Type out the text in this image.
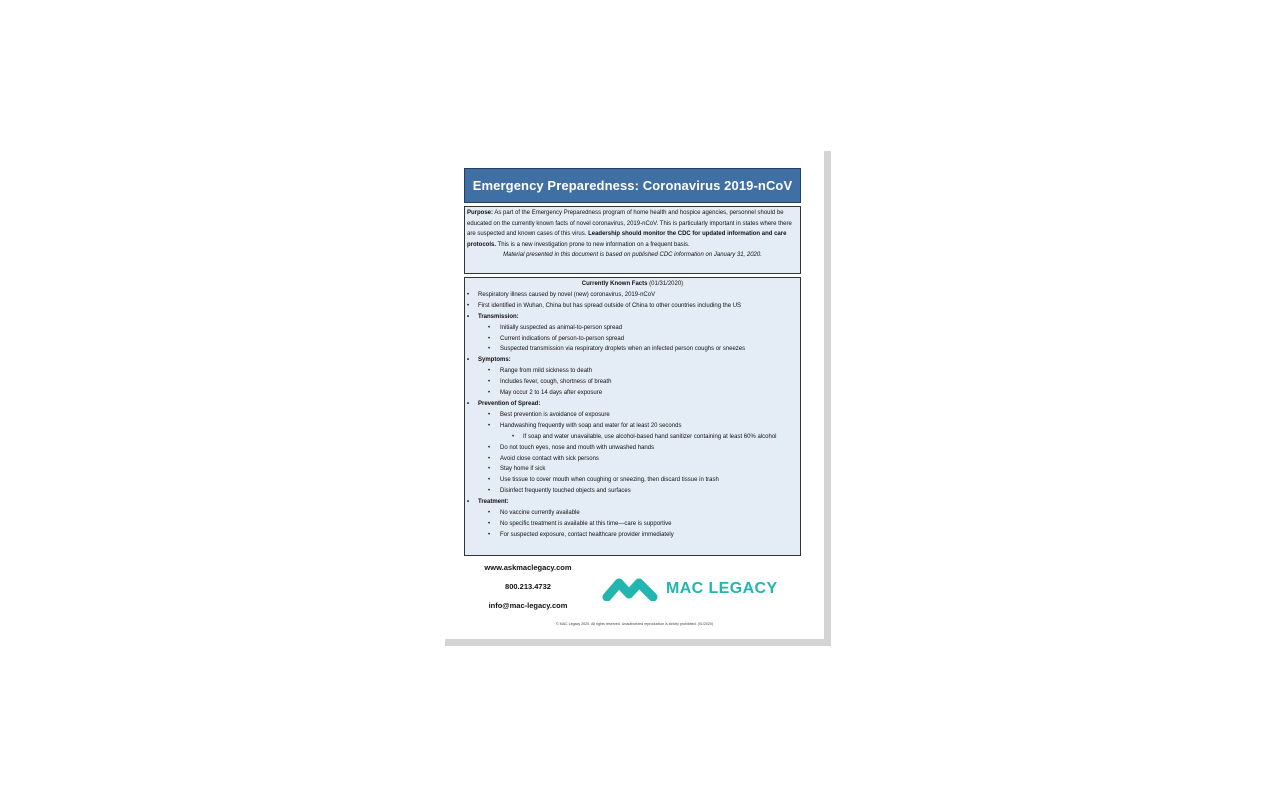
Emergency Preparedness: Coronavirus 2019-nCoV
Purpose: As part of the Emergency Preparedness program of home health and hospice agencies, personnel should be educated on the currently known facts of novel coronavirus, 2019-nCoV. This is particularly important in states where there are suspected and known cases of this virus. Leadership should monitor the CDC for updated information and care protocols. This is a new investigation prone to new information on a frequent basis.
Material presented in this document is based on published CDC information on January 31, 2020.
Currently Known Facts (01/31/2020)
• Respiratory illness caused by novel (new) coronavirus, 2019-nCoV
• First identified in Wuhan, China but has spread outside of China to other countries including the US
• Transmission:
• Initially suspected as animal-to-person spread
• Current indications of person-to-person spread
• Suspected transmission via respiratory droplets when an infected person coughs or sneezes
• Symptoms:
• Range from mild sickness to death
• Includes fever, cough, shortness of breath
• May occur 2 to 14 days after exposure
• Prevention of Spread:
• Best prevention is avoidance of exposure
• Handwashing frequently with soap and water for at least 20 seconds
• If soap and water unavailable, use alcohol-based hand sanitizer containing at least 60% alcohol
• Do not touch eyes, nose and mouth with unwashed hands
• Avoid close contact with sick persons
• Stay home if sick
• Use tissue to cover mouth when coughing or sneezing, then discard tissue in trash
• Disinfect frequently touched objects and surfaces
• Treatment:
• No vaccine currently available
• No specific treatment is available at this time—care is supportive
• For suspected exposure, contact healthcare provider immediately
www.askmaclegacy.com
800.213.4732
info@mac-legacy.com
MAC LEGACY
© MAC Legacy 2020. All rights reserved. Unauthorized reproduction is strictly prohibited. (01/2020)
